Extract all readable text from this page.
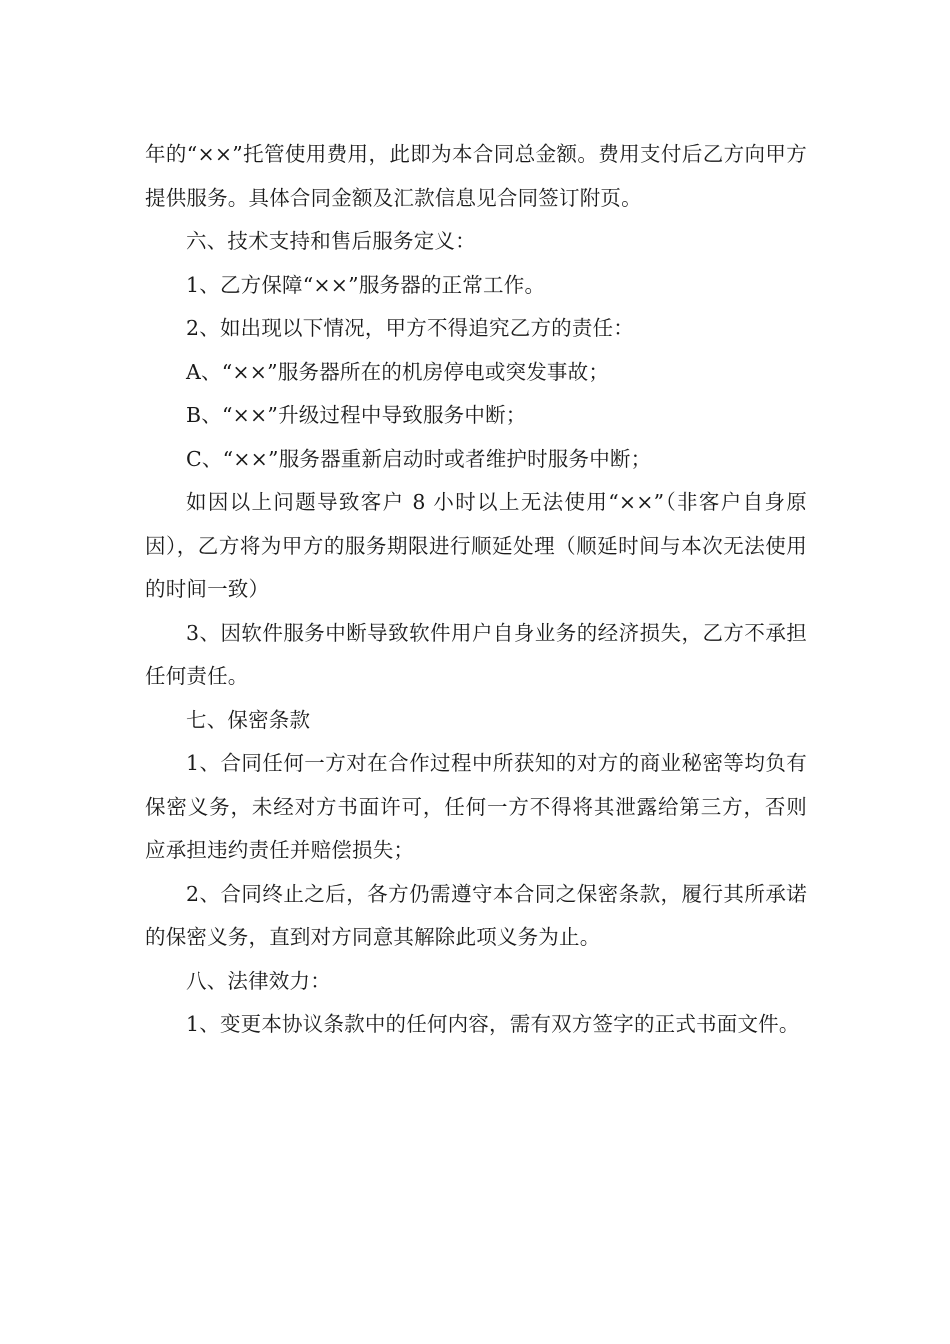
年的“××”托管使用费用，此即为本合同总金额。费用支付后乙方向甲方提供服务。具体合同金额及汇款信息见合同签订附页。

六、技术支持和售后服务定义：

1、乙方保障“××”服务器的正常工作。

2、如出现以下情况，甲方不得追究乙方的责任：

A、“××”服务器所在的机房停电或突发事故；

B、“××”升级过程中导致服务中断；

C、“××”服务器重新启动时或者维护时服务中断；

如因以上问题导致客户 8 小时以上无法使用“××”（非客户自身原因），乙方将为甲方的服务期限进行顺延处理（顺延时间与本次无法使用的时间一致）

3、因软件服务中断导致软件用户自身业务的经济损失，乙方不承担任何责任。

七、保密条款

1、合同任何一方对在合作过程中所获知的对方的商业秘密等均负有保密义务，未经对方书面许可，任何一方不得将其泄露给第三方，否则应承担违约责任并赔偿损失；

2、合同终止之后，各方仍需遵守本合同之保密条款，履行其所承诺的保密义务，直到对方同意其解除此项义务为止。

八、法律效力：

1、变更本协议条款中的任何内容，需有双方签字的正式书面文件。
